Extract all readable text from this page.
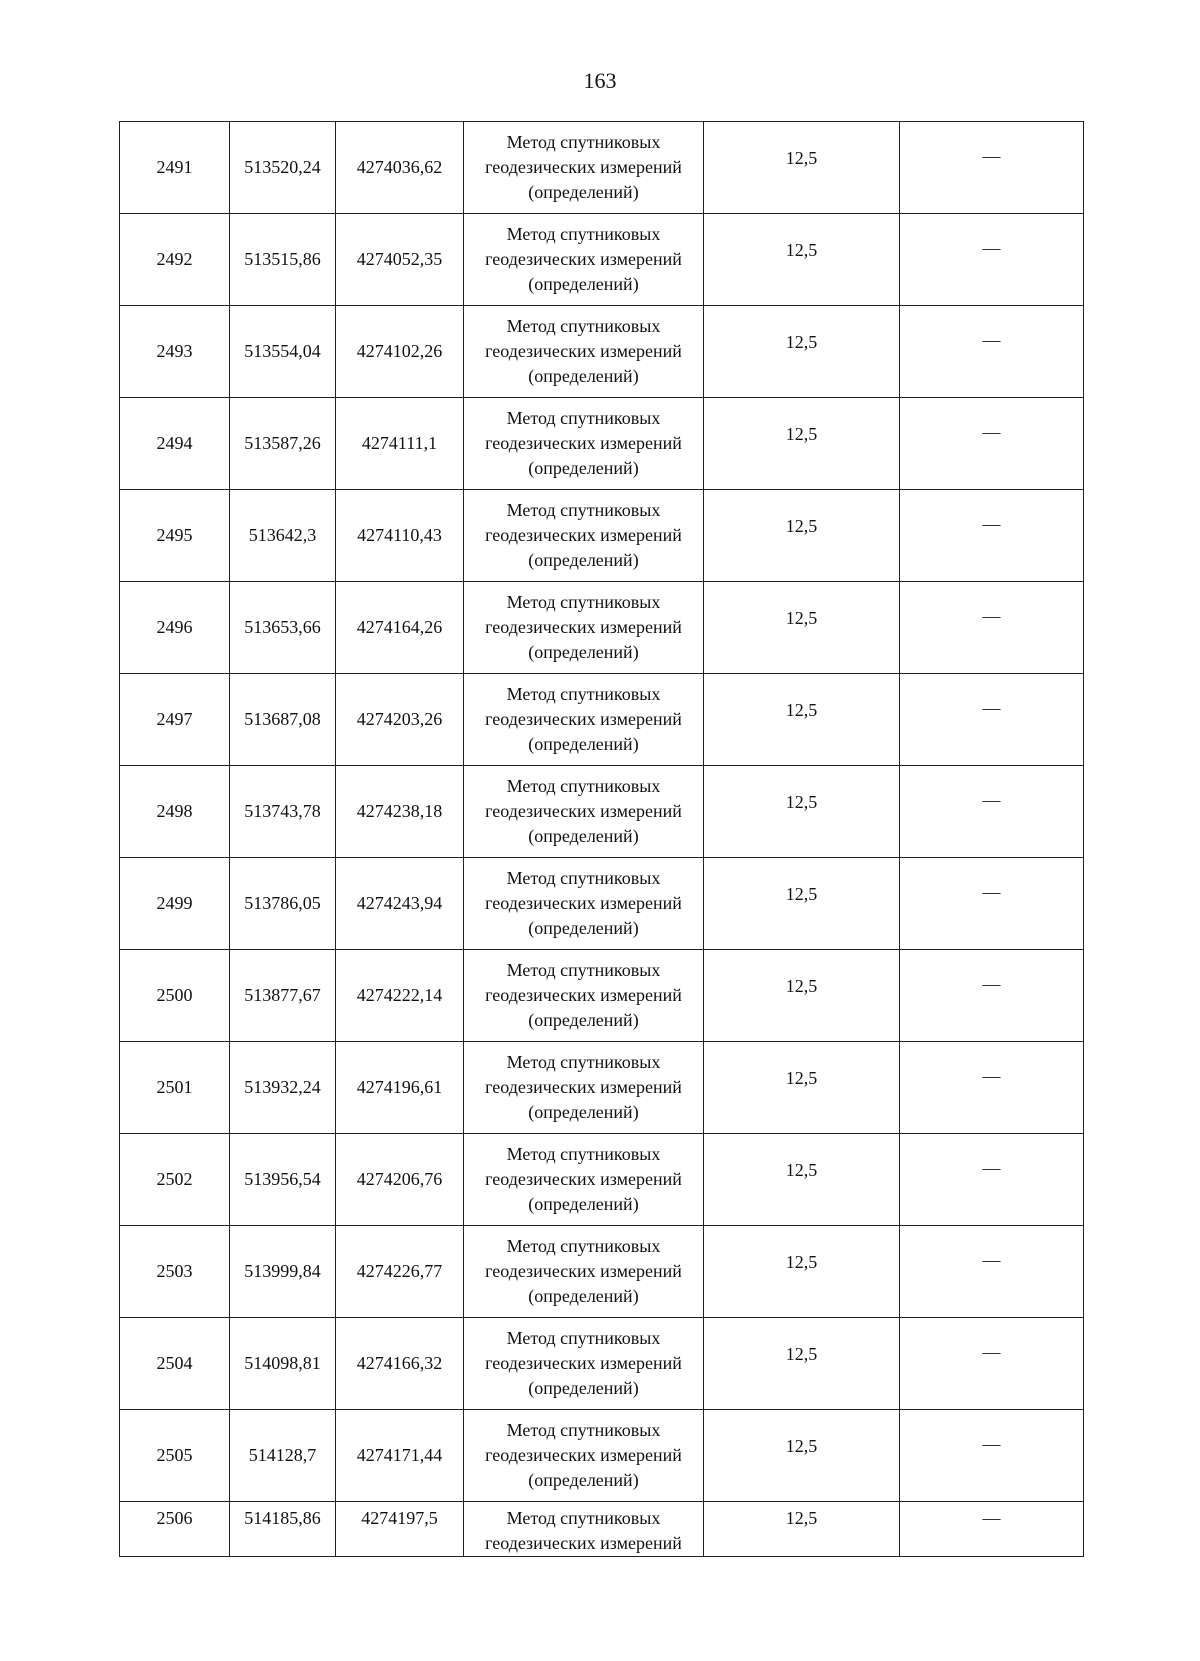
163
2491	513520,24	4274036,62	Метод спутниковых
геодезических измерений
(определений)	12,5	—
2492	513515,86	4274052,35	Метод спутниковых
геодезических измерений
(определений)	12,5	—
2493	513554,04	4274102,26	Метод спутниковых
геодезических измерений
(определений)	12,5	—
2494	513587,26	4274111,1	Метод спутниковых
геодезических измерений
(определений)	12,5	—
2495	513642,3	4274110,43	Метод спутниковых
геодезических измерений
(определений)	12,5	—
2496	513653,66	4274164,26	Метод спутниковых
геодезических измерений
(определений)	12,5	—
2497	513687,08	4274203,26	Метод спутниковых
геодезических измерений
(определений)	12,5	—
2498	513743,78	4274238,18	Метод спутниковых
геодезических измерений
(определений)	12,5	—
2499	513786,05	4274243,94	Метод спутниковых
геодезических измерений
(определений)	12,5	—
2500	513877,67	4274222,14	Метод спутниковых
геодезических измерений
(определений)	12,5	—
2501	513932,24	4274196,61	Метод спутниковых
геодезических измерений
(определений)	12,5	—
2502	513956,54	4274206,76	Метод спутниковых
геодезических измерений
(определений)	12,5	—
2503	513999,84	4274226,77	Метод спутниковых
геодезических измерений
(определений)	12,5	—
2504	514098,81	4274166,32	Метод спутниковых
геодезических измерений
(определений)	12,5	—
2505	514128,7	4274171,44	Метод спутниковых
геодезических измерений
(определений)	12,5	—
2506	514185,86	4274197,5	Метод спутниковых
геодезических измерений	12,5	—
